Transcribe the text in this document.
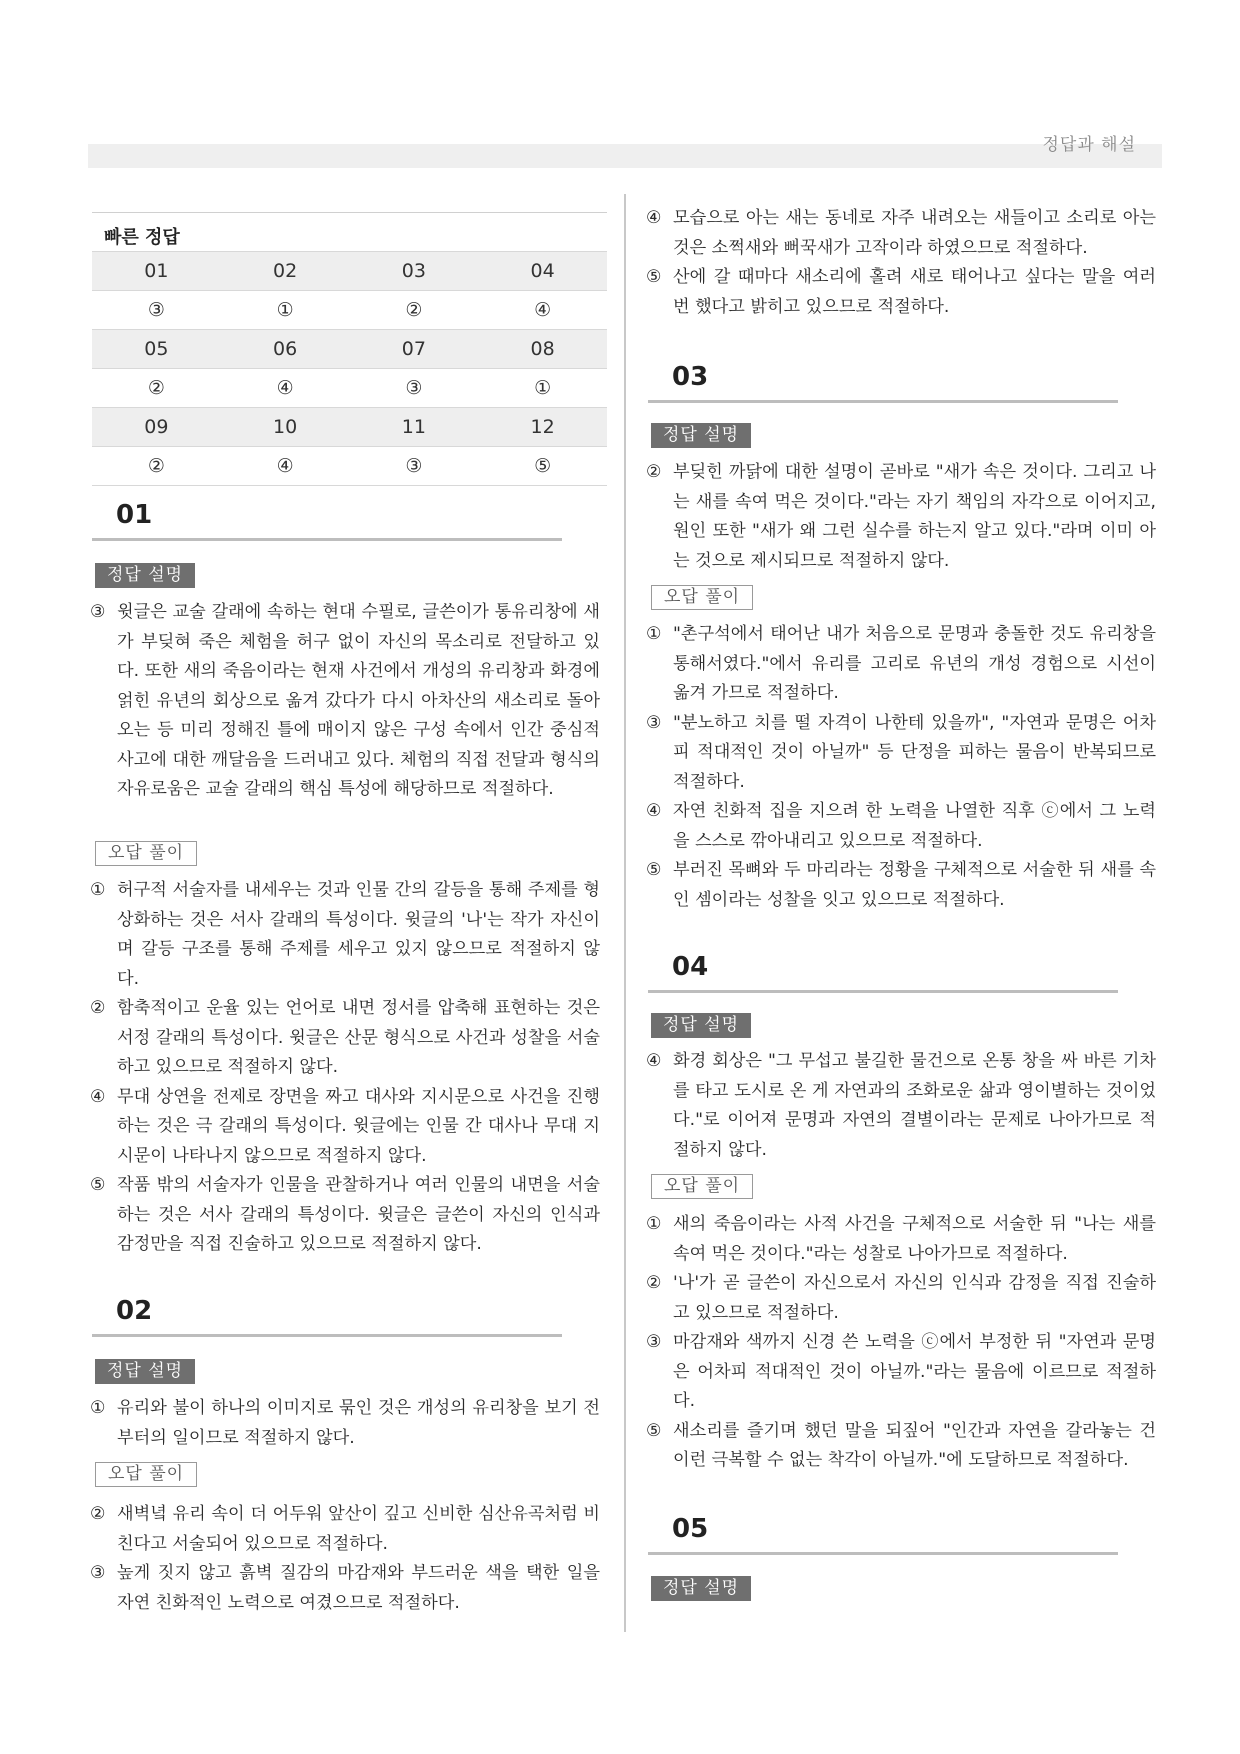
정답과 해설
빠른 정답
01	02	03	04
③	①	②	④
05	06	07	08
②	④	③	①
09	10	11	12
②	④	③	⑤
01
정답 설명
③ 윗글은 교술 갈래에 속하는 현대 수필로, 글쓴이가 통유리창에 새가 부딪혀 죽은 체험을 허구 없이 자신의 목소리로 전달하고 있다. 또한 새의 죽음이라는 현재 사건에서 개성의 유리창과 화경에 얽힌 유년의 회상으로 옮겨 갔다가 다시 아차산의 새소리로 돌아오는 등 미리 정해진 틀에 매이지 않은 구성 속에서 인간 중심적 사고에 대한 깨달음을 드러내고 있다. 체험의 직접 전달과 형식의 자유로움은 교술 갈래의 핵심 특성에 해당하므로 적절하다.
오답 풀이
① 허구적 서술자를 내세우는 것과 인물 간의 갈등을 통해 주제를 형상화하는 것은 서사 갈래의 특성이다. 윗글의 '나'는 작가 자신이며 갈등 구조를 통해 주제를 세우고 있지 않으므로 적절하지 않다.
② 함축적이고 운율 있는 언어로 내면 정서를 압축해 표현하는 것은 서정 갈래의 특성이다. 윗글은 산문 형식으로 사건과 성찰을 서술하고 있으므로 적절하지 않다.
④ 무대 상연을 전제로 장면을 짜고 대사와 지시문으로 사건을 진행하는 것은 극 갈래의 특성이다. 윗글에는 인물 간 대사나 무대 지시문이 나타나지 않으므로 적절하지 않다.
⑤ 작품 밖의 서술자가 인물을 관찰하거나 여러 인물의 내면을 서술하는 것은 서사 갈래의 특성이다. 윗글은 글쓴이 자신의 인식과 감정만을 직접 진술하고 있으므로 적절하지 않다.
02
정답 설명
① 유리와 불이 하나의 이미지로 묶인 것은 개성의 유리창을 보기 전부터의 일이므로 적절하지 않다.
오답 풀이
② 새벽녘 유리 속이 더 어두워 앞산이 깊고 신비한 심산유곡처럼 비친다고 서술되어 있으므로 적절하다.
③ 높게 짓지 않고 흙벽 질감의 마감재와 부드러운 색을 택한 일을 자연 친화적인 노력으로 여겼으므로 적절하다.
④ 모습으로 아는 새는 동네로 자주 내려오는 새들이고 소리로 아는 것은 소쩍새와 뻐꾹새가 고작이라 하였으므로 적절하다.
⑤ 산에 갈 때마다 새소리에 홀려 새로 태어나고 싶다는 말을 여러 번 했다고 밝히고 있으므로 적절하다.
03
정답 설명
② 부딪힌 까닭에 대한 설명이 곧바로 "새가 속은 것이다. 그리고 나는 새를 속여 먹은 것이다."라는 자기 책임의 자각으로 이어지고, 원인 또한 "새가 왜 그런 실수를 하는지 알고 있다."라며 이미 아는 것으로 제시되므로 적절하지 않다.
오답 풀이
① "촌구석에서 태어난 내가 처음으로 문명과 충돌한 것도 유리창을 통해서였다."에서 유리를 고리로 유년의 개성 경험으로 시선이 옮겨 가므로 적절하다.
③ "분노하고 치를 떨 자격이 나한테 있을까", "자연과 문명은 어차피 적대적인 것이 아닐까" 등 단정을 피하는 물음이 반복되므로 적절하다.
④ 자연 친화적 집을 지으려 한 노력을 나열한 직후 ⓒ에서 그 노력을 스스로 깎아내리고 있으므로 적절하다.
⑤ 부러진 목뼈와 두 마리라는 정황을 구체적으로 서술한 뒤 새를 속인 셈이라는 성찰을 잇고 있으므로 적절하다.
04
정답 설명
④ 화경 회상은 "그 무섭고 불길한 물건으로 온통 창을 싸 바른 기차를 타고 도시로 온 게 자연과의 조화로운 삶과 영이별하는 것이었다."로 이어져 문명과 자연의 결별이라는 문제로 나아가므로 적절하지 않다.
오답 풀이
① 새의 죽음이라는 사적 사건을 구체적으로 서술한 뒤 "나는 새를 속여 먹은 것이다."라는 성찰로 나아가므로 적절하다.
② '나'가 곧 글쓴이 자신으로서 자신의 인식과 감정을 직접 진술하고 있으므로 적절하다.
③ 마감재와 색까지 신경 쓴 노력을 ⓒ에서 부정한 뒤 "자연과 문명은 어차피 적대적인 것이 아닐까."라는 물음에 이르므로 적절하다.
⑤ 새소리를 즐기며 했던 말을 되짚어 "인간과 자연을 갈라놓는 건 이런 극복할 수 없는 착각이 아닐까."에 도달하므로 적절하다.
05
정답 설명
